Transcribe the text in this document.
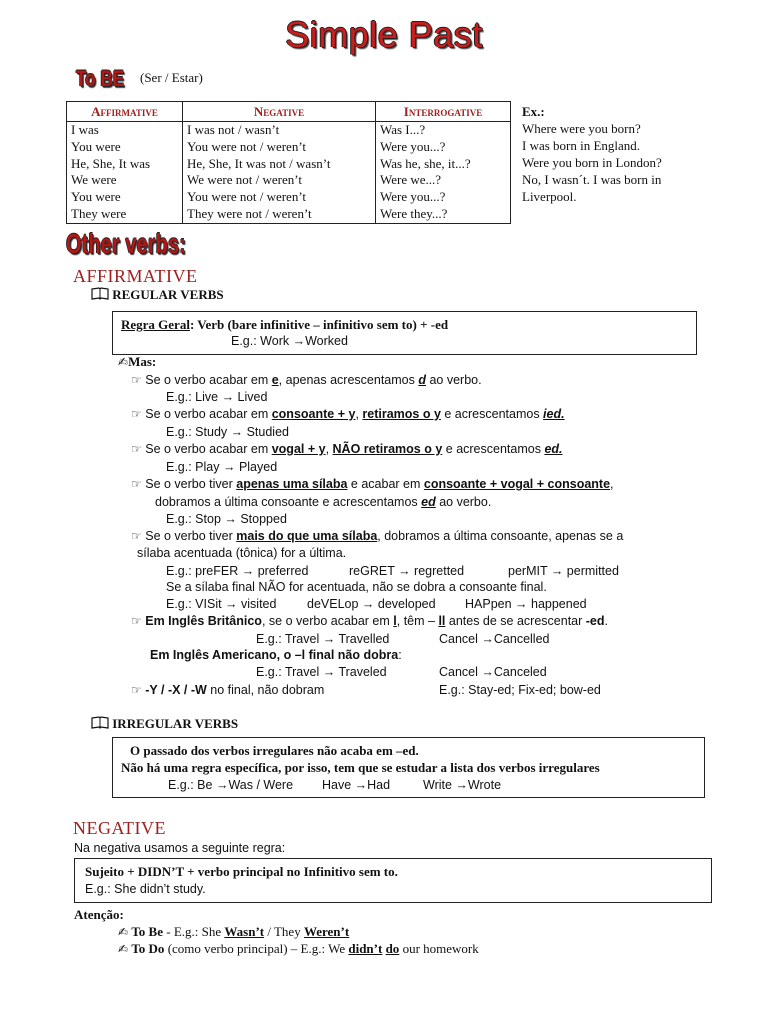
Simple Past
To BE (Ser / Estar)
Affirmative	Negative	Interrogative
I was	I was not / wasn’t	Was I...?
You were	You were not / weren’t	Were you...?
He, She, It was	He, She, It was not / wasn’t	Was he, she, it...?
We were	We were not / weren’t	Were we...?
You were	You were not / weren’t	Were you...?
They were	They were not / weren’t	Were they...?
Ex.:
Where were you born?
I was born in England.
Were you born in London?
No, I wasn´t. I was born in
Liverpool.
Other verbs:
AFFIRMATIVE
REGULAR VERBS
Regra Geral: Verb (bare infinitive – infinitivo sem to) + -ed
E.g.: Work →Worked
✍Mas:
☞ Se o verbo acabar em e, apenas acrescentamos d ao verbo.
E.g.: Live → Lived
☞ Se o verbo acabar em consoante + y, retiramos o y e acrescentamos ied.
E.g.: Study → Studied
☞ Se o verbo acabar em vogal + y, NÃO retiramos o y e acrescentamos ed.
E.g.: Play → Played
☞ Se o verbo tiver apenas uma sílaba e acabar em consoante + vogal + consoante,
dobramos a última consoante e acrescentamos ed ao verbo.
E.g.: Stop → Stopped
☞ Se o verbo tiver mais do que uma sílaba, dobramos a última consoante, apenas se a
sílaba acentuada (tônica) for a última.
E.g.: preFER → preferred	reGRET → regretted	perMIT → permitted
Se a sílaba final NÃO for acentuada, não se dobra a consoante final.
E.g.: VISit → visited deVELop → developed HAPpen → happened
☞ Em Inglês Britânico, se o verbo acabar em l, têm – ll antes de se acrescentar -ed.
E.g.: Travel → Travelled	Cancel →Cancelled
Em Inglês Americano, o –l final não dobra:
E.g.: Travel → Traveled	Cancel →Canceled
☞ -Y / -X / -W no final, não dobram	E.g.: Stay-ed; Fix-ed; bow-ed
IRREGULAR VERBS
O passado dos verbos irregulares não acaba em –ed.
Não há uma regra específica, por isso, tem que se estudar a lista dos verbos irregulares
E.g.: Be →Was / Were Have →Had	Write →Wrote
NEGATIVE
Na negativa usamos a seguinte regra:
Sujeito + DIDN’T + verbo principal no Infinitivo sem to.
E.g.: She didn’t study.
Atenção:
✍ To Be - E.g.: She Wasn’t / They Weren’t
✍ To Do (como verbo principal) – E.g.: We didn’t do our homework
